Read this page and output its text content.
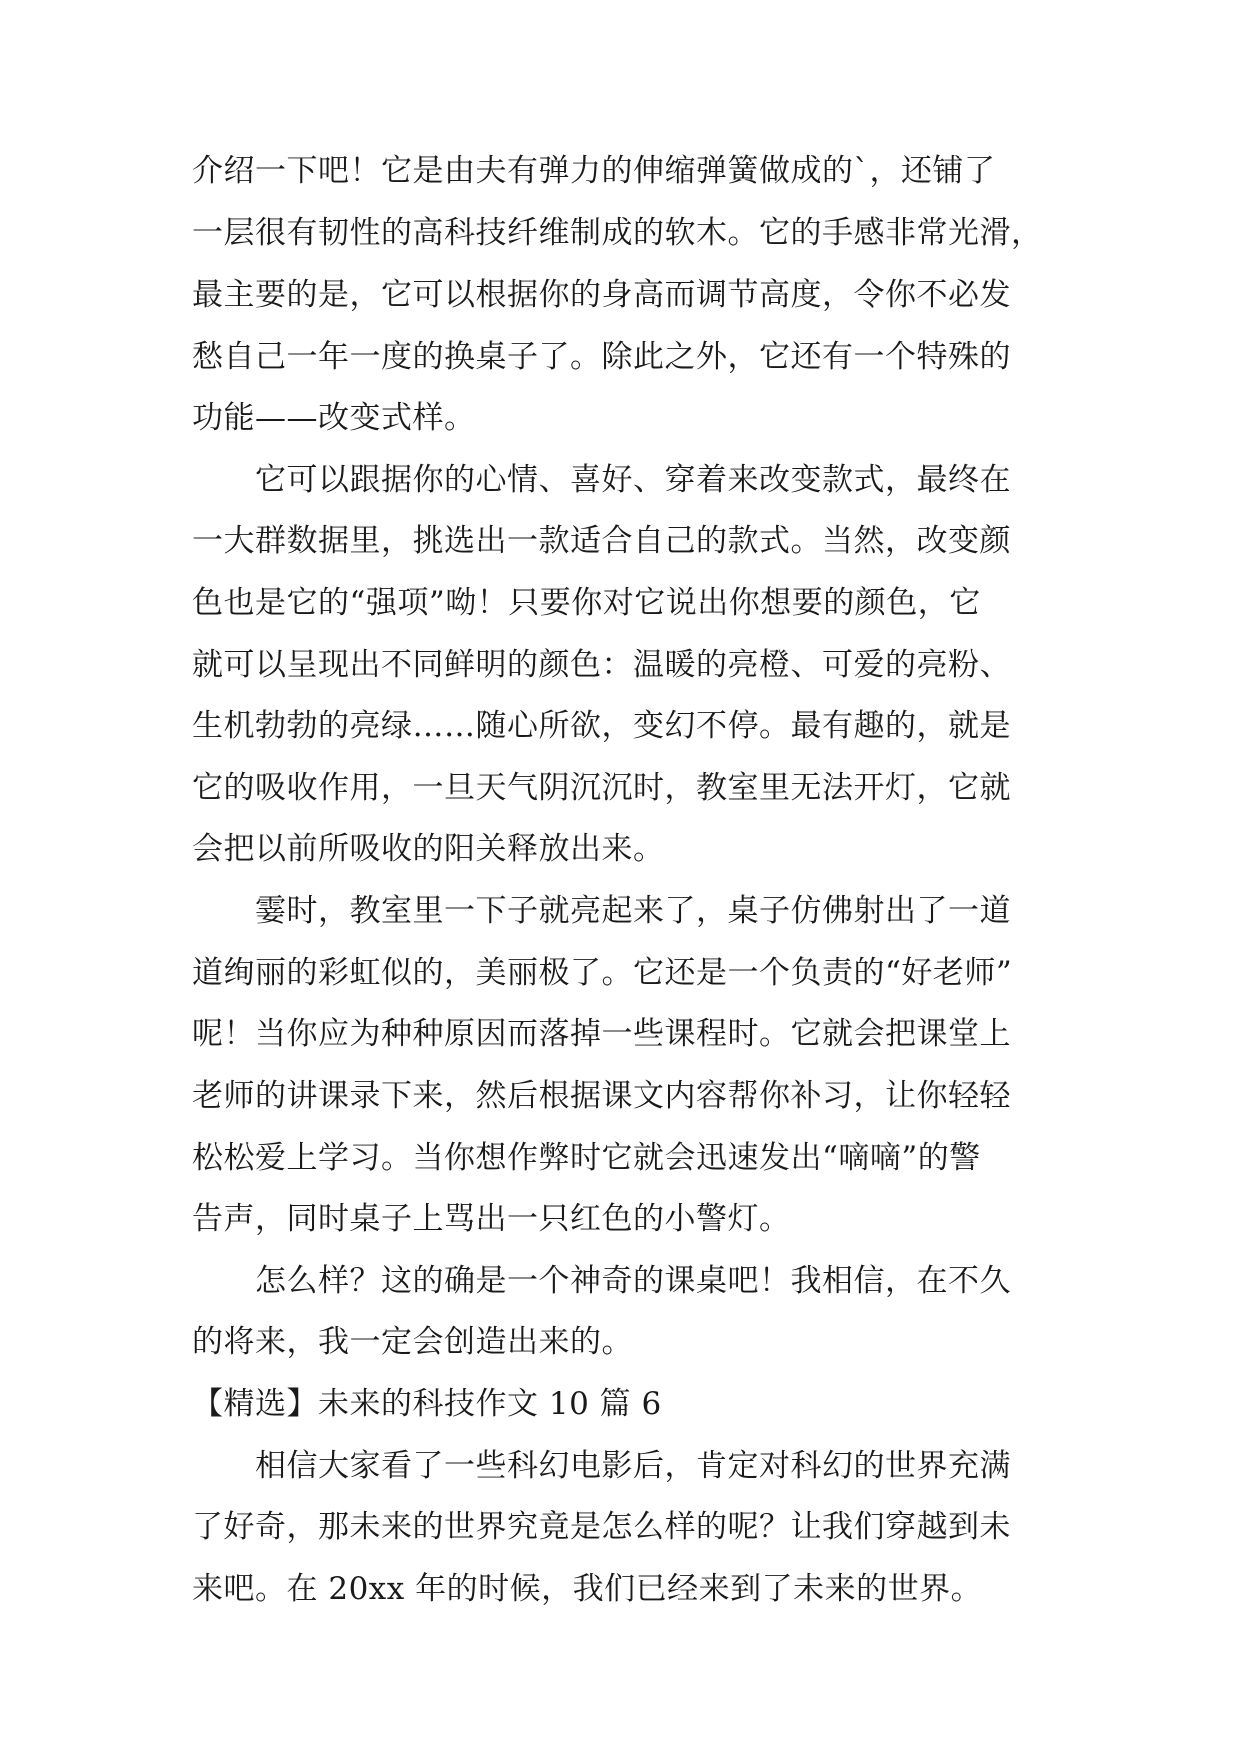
介绍一下吧！它是由夫有弹力的伸缩弹簧做成的`，还铺了
一层很有韧性的高科技纤维制成的软木。它的手感非常光滑，
最主要的是，它可以根据你的身高而调节高度，令你不必发
愁自己一年一度的换桌子了。除此之外，它还有一个特殊的
功能——改变式样。
　　它可以跟据你的心情、喜好、穿着来改变款式，最终在
一大群数据里，挑选出一款适合自己的款式。当然，改变颜
色也是它的“强项”呦！只要你对它说出你想要的颜色，它
就可以呈现出不同鲜明的颜色：温暖的亮橙、可爱的亮粉、
生机勃勃的亮绿……随心所欲，变幻不停。最有趣的，就是
它的吸收作用，一旦天气阴沉沉时，教室里无法开灯，它就
会把以前所吸收的阳关释放出来。
　　霎时，教室里一下子就亮起来了，桌子仿佛射出了一道
道绚丽的彩虹似的，美丽极了。它还是一个负责的“好老师”
呢！当你应为种种原因而落掉一些课程时。它就会把课堂上
老师的讲课录下来，然后根据课文内容帮你补习，让你轻轻
松松爱上学习。当你想作弊时它就会迅速发出“嘀嘀”的警
告声，同时桌子上骂出一只红色的小警灯。
　　怎么样？这的确是一个神奇的课桌吧！我相信，在不久
的将来，我一定会创造出来的。
【精选】未来的科技作文 10 篇 6
　　相信大家看了一些科幻电影后，肯定对科幻的世界充满
了好奇，那未来的世界究竟是怎么样的呢？让我们穿越到未
来吧。在 20xx 年的时候，我们已经来到了未来的世界。
